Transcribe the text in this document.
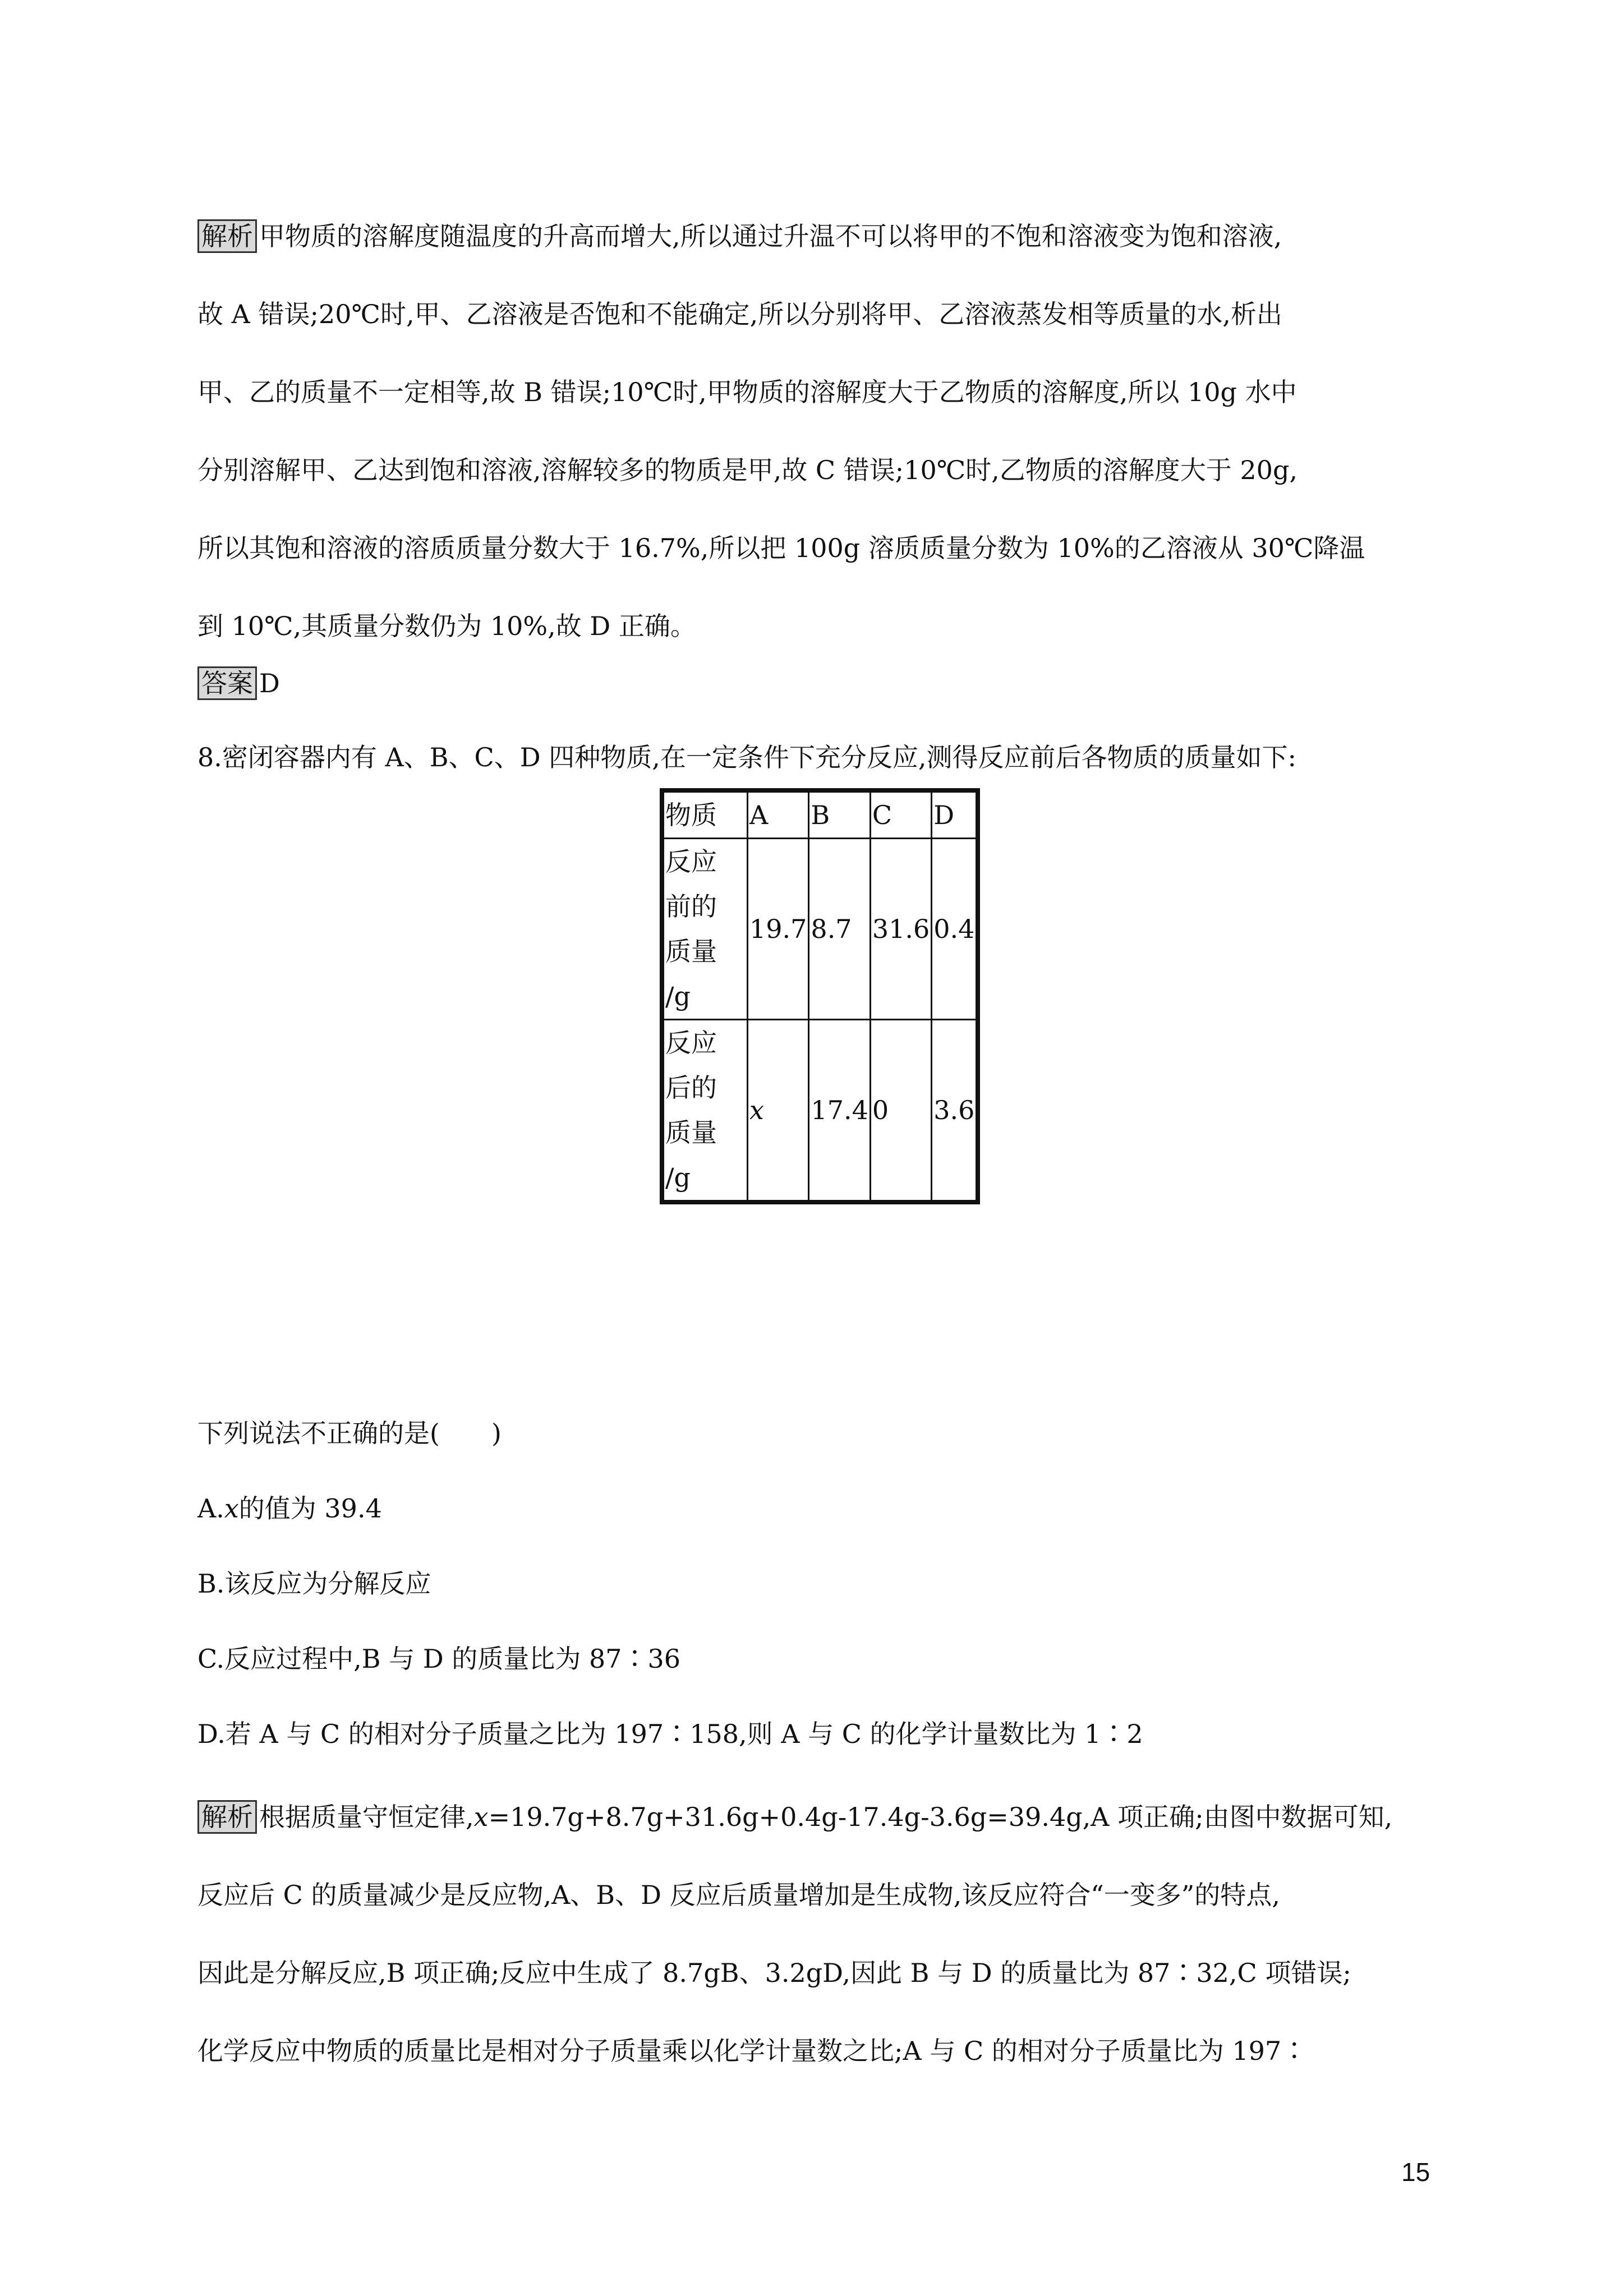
解析 甲物质的溶解度随温度的升高而增大,所以通过升温不可以将甲的不饱和溶液变为饱和溶液,
故 A 错误;20℃时,甲、乙溶液是否饱和不能确定,所以分别将甲、乙溶液蒸发相等质量的水,析出
甲、乙的质量不一定相等,故 B 错误;10℃时,甲物质的溶解度大于乙物质的溶解度,所以 10g 水中
分别溶解甲、乙达到饱和溶液,溶解较多的物质是甲,故 C 错误;10℃时,乙物质的溶解度大于 20g,
所以其饱和溶液的溶质质量分数大于 16.7%,所以把 100g 溶质质量分数为 10%的乙溶液从 30℃降温
到 10℃,其质量分数仍为 10%,故 D 正确。

答案 D

8.密闭容器内有 A、B、C、D 四种物质,在一定条件下充分反应,测得反应前后各物质的质量如下:

物质	A	B	C	D

反应
前的
质量
/g	19.7	8.7	31.6	0.4

反应
后的
质量
/g	x	17.4	0	3.6

下列说法不正确的是(　　)

A.x的值为 39.4

B.该反应为分解反应

C.反应过程中,B 与 D 的质量比为 87∶36

D.若 A 与 C 的相对分子质量之比为 197∶158,则 A 与 C 的化学计量数比为 1∶2

解析 根据质量守恒定律,x=19.7g+8.7g+31.6g+0.4g-17.4g-3.6g=39.4g,A 项正确;由图中数据可知,
反应后 C 的质量减少是反应物,A、B、D 反应后质量增加是生成物,该反应符合“一变多”的特点,
因此是分解反应,B 项正确;反应中生成了 8.7gB、3.2gD,因此 B 与 D 的质量比为 87∶32,C 项错误;
化学反应中物质的质量比是相对分子质量乘以化学计量数之比;A 与 C 的相对分子质量比为 197∶
15
